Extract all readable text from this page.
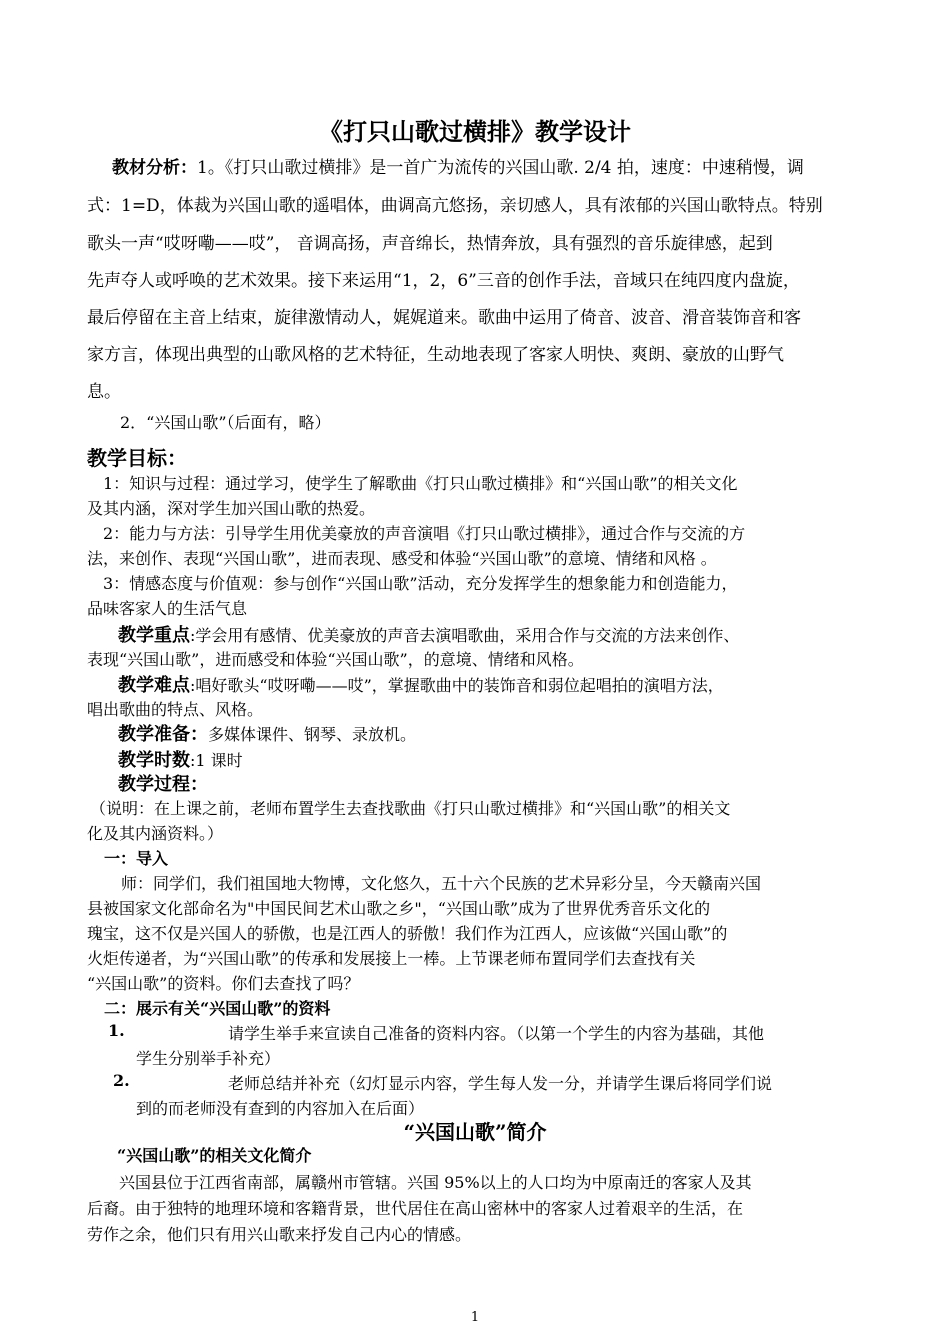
《打只山歌过横排》教学设计
教材分析：1。《打只山歌过横排》是一首广为流传的兴国山歌. 2/4 拍，速度：中速稍慢，调
式：1=D，体裁为兴国山歌的遥唱体，曲调高亢悠扬，亲切感人，具有浓郁的兴国山歌特点。特别
歌头一声“哎呀嘞——哎”， 音调高扬，声音绵长，热情奔放，具有强烈的音乐旋律感，起到
先声夺人或呼唤的艺术效果。接下来运用“1，2，6”三音的创作手法，音域只在纯四度内盘旋，
最后停留在主音上结束，旋律激情动人，娓娓道来。歌曲中运用了倚音、波音、滑音装饰音和客
家方言，体现出典型的山歌风格的艺术特征，生动地表现了客家人明快、爽朗、豪放的山野气
息。
2．“兴国山歌”（后面有，略）
教学目标：
1：知识与过程：通过学习，使学生了解歌曲《打只山歌过横排》和“兴国山歌”的相关文化
及其内涵，深对学生加兴国山歌的热爱。
2：能力与方法：引导学生用优美豪放的声音演唱《打只山歌过横排》，通过合作与交流的方
法，来创作、表现“兴国山歌”，进而表现、感受和体验“兴国山歌”的意境、情绪和风格 。
3：情感态度与价值观：参与创作“兴国山歌”活动，充分发挥学生的想象能力和创造能力，
品味客家人的生活气息
教学重点:学会用有感情、优美豪放的声音去演唱歌曲，采用合作与交流的方法来创作、
表现“兴国山歌”，进而感受和体验“兴国山歌”，的意境、情绪和风格。
教学难点:唱好歌头“哎呀嘞——哎”，掌握歌曲中的装饰音和弱位起唱拍的演唱方法，
唱出歌曲的特点、风格。
教学准备：多媒体课件、钢琴、录放机。
教学时数:1 课时
教学过程：
（说明：在上课之前，老师布置学生去查找歌曲《打只山歌过横排》和“兴国山歌”的相关文
化及其内涵资料。）
一：导入
师：同学们，我们祖国地大物博，文化悠久，五十六个民族的艺术异彩分呈，今天赣南兴国
县被国家文化部命名为"中国民间艺术山歌之乡"，“兴国山歌”成为了世界优秀音乐文化的
瑰宝，这不仅是兴国人的骄傲，也是江西人的骄傲！我们作为江西人，应该做“兴国山歌”的
火炬传递者，为“兴国山歌”的传承和发展接上一棒。上节课老师布置同学们去查找有关
“兴国山歌”的资料。你们去查找了吗？
二：展示有关“兴国山歌”的资料
1.	请学生举手来宣读自己准备的资料内容。（以第一个学生的内容为基础，其他
学生分别举手补充）
2.	老师总结并补充（幻灯显示内容，学生每人发一分，并请学生课后将同学们说
到的而老师没有查到的内容加入在后面）
“兴国山歌”简介
“兴国山歌”的相关文化简介
兴国县位于江西省南部，属赣州市管辖。兴国 95%以上的人口均为中原南迁的客家人及其
后裔。由于独特的地理环境和客籍背景，世代居住在高山密林中的客家人过着艰辛的生活，在
劳作之余，他们只有用兴山歌来抒发自己内心的情感。
1
